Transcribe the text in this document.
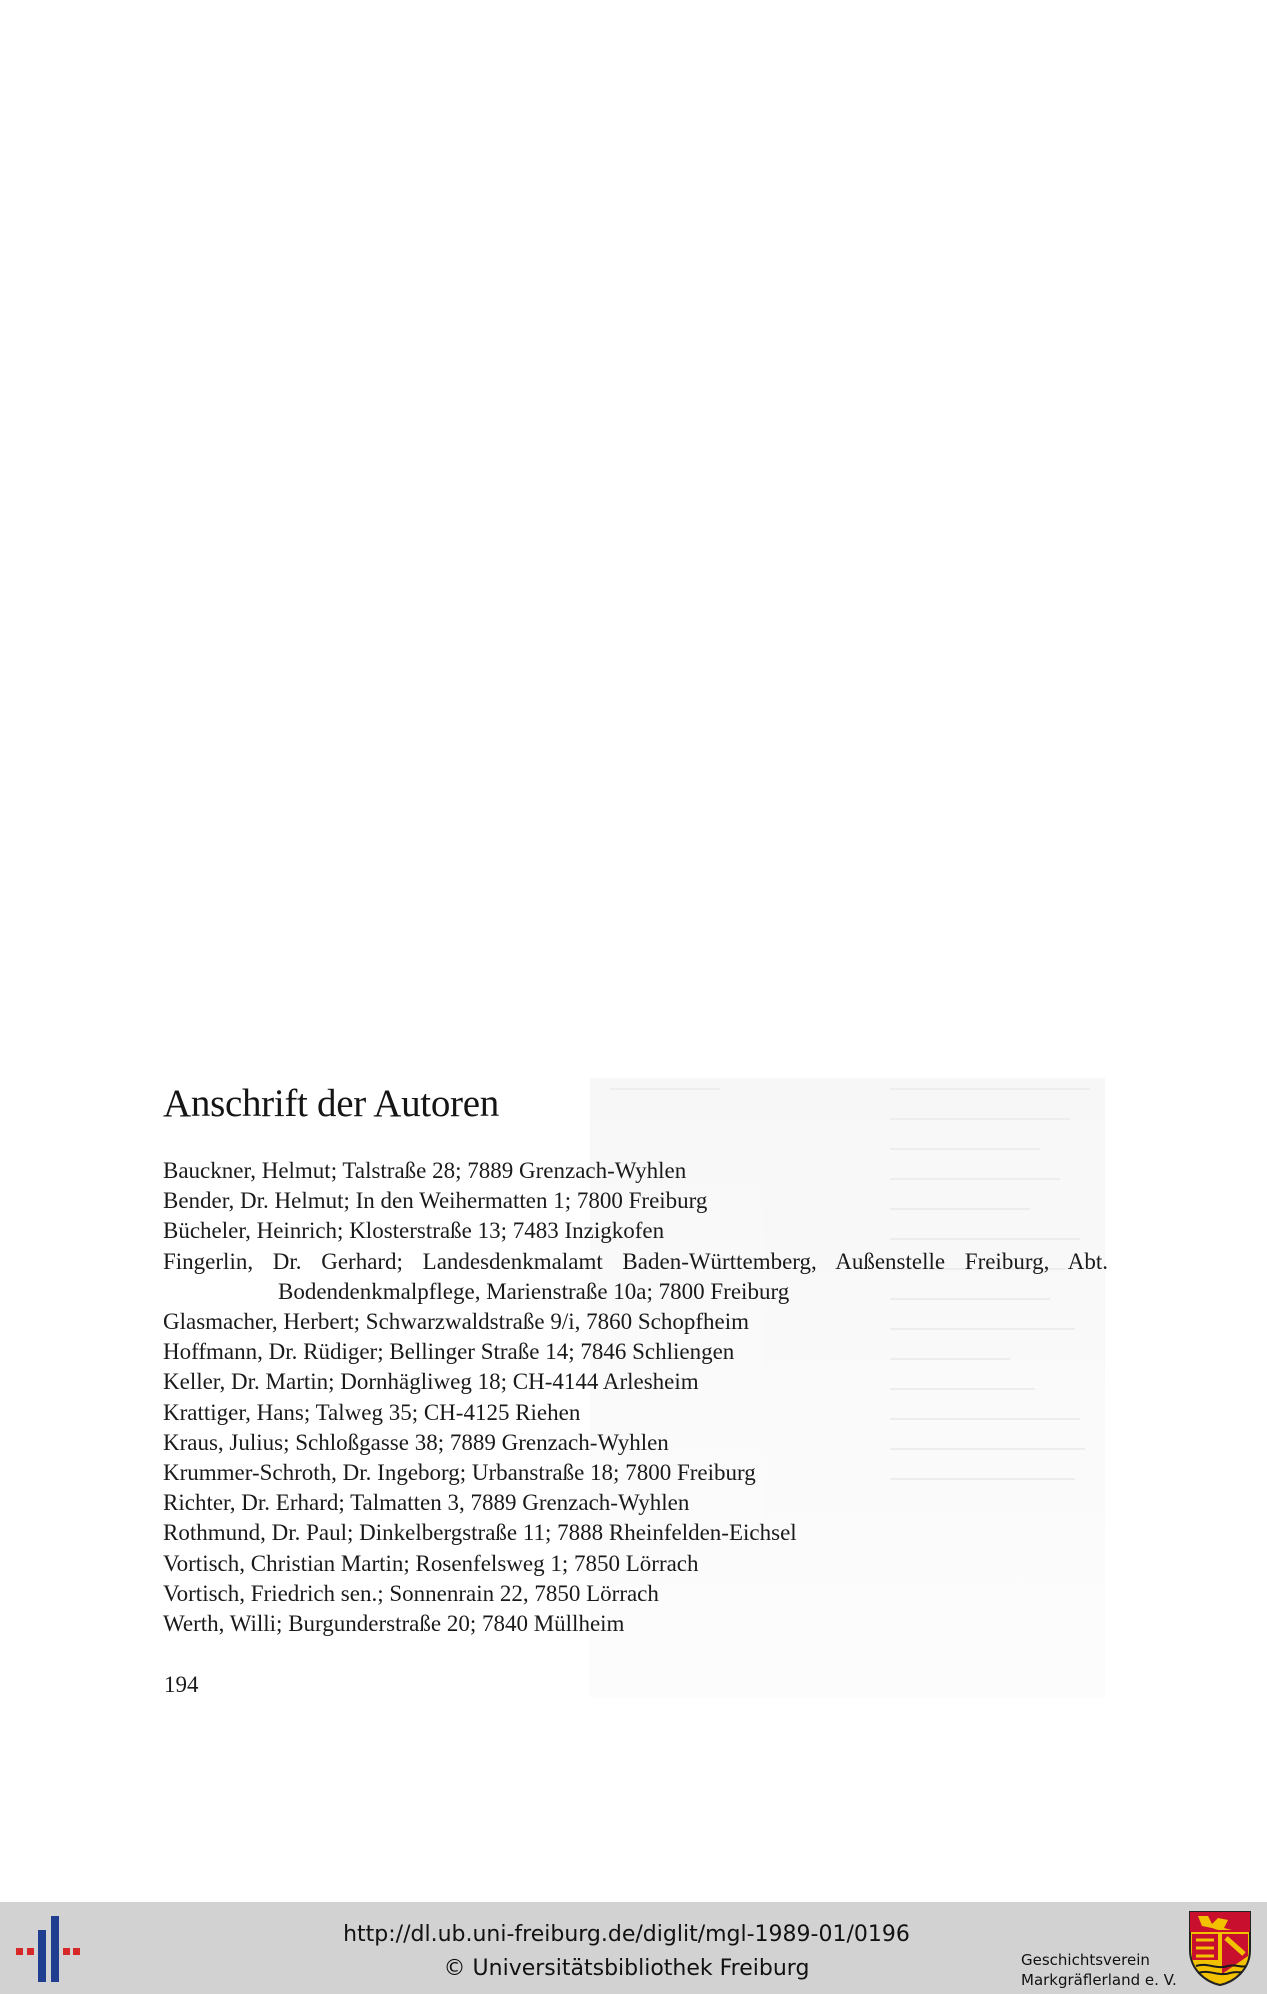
Anschrift der Autoren
Bauckner, Helmut; Talstraße 28; 7889 Grenzach-Wyhlen
Bender, Dr. Helmut; In den Weihermatten 1; 7800 Freiburg
Bücheler, Heinrich; Klosterstraße 13; 7483 Inzigkofen
Fingerlin, Dr. Gerhard; Landesdenkmalamt Baden-Württemberg, Außenstelle Freiburg, Abt. Bodendenkmalpflege, Marienstraße 10a; 7800 Freiburg
Glasmacher, Herbert; Schwarzwaldstraße 9/i, 7860 Schopfheim
Hoffmann, Dr. Rüdiger; Bellinger Straße 14; 7846 Schliengen
Keller, Dr. Martin; Dornhägliweg 18; CH-4144 Arlesheim
Krattiger, Hans; Talweg 35; CH-4125 Riehen
Kraus, Julius; Schloßgasse 38; 7889 Grenzach-Wyhlen
Krummer-Schroth, Dr. Ingeborg; Urbanstraße 18; 7800 Freiburg
Richter, Dr. Erhard; Talmatten 3, 7889 Grenzach-Wyhlen
Rothmund, Dr. Paul; Dinkelbergstraße 11; 7888 Rheinfelden-Eichsel
Vortisch, Christian Martin; Rosenfelsweg 1; 7850 Lörrach
Vortisch, Friedrich sen.; Sonnenrain 22, 7850 Lörrach
Werth, Willi; Burgunderstraße 20; 7840 Müllheim
194
http://dl.ub.uni-freiburg.de/diglit/mgl-1989-01/0196
© Universitätsbibliothek Freiburg	Geschichtsverein
Markgräflerland e. V.
